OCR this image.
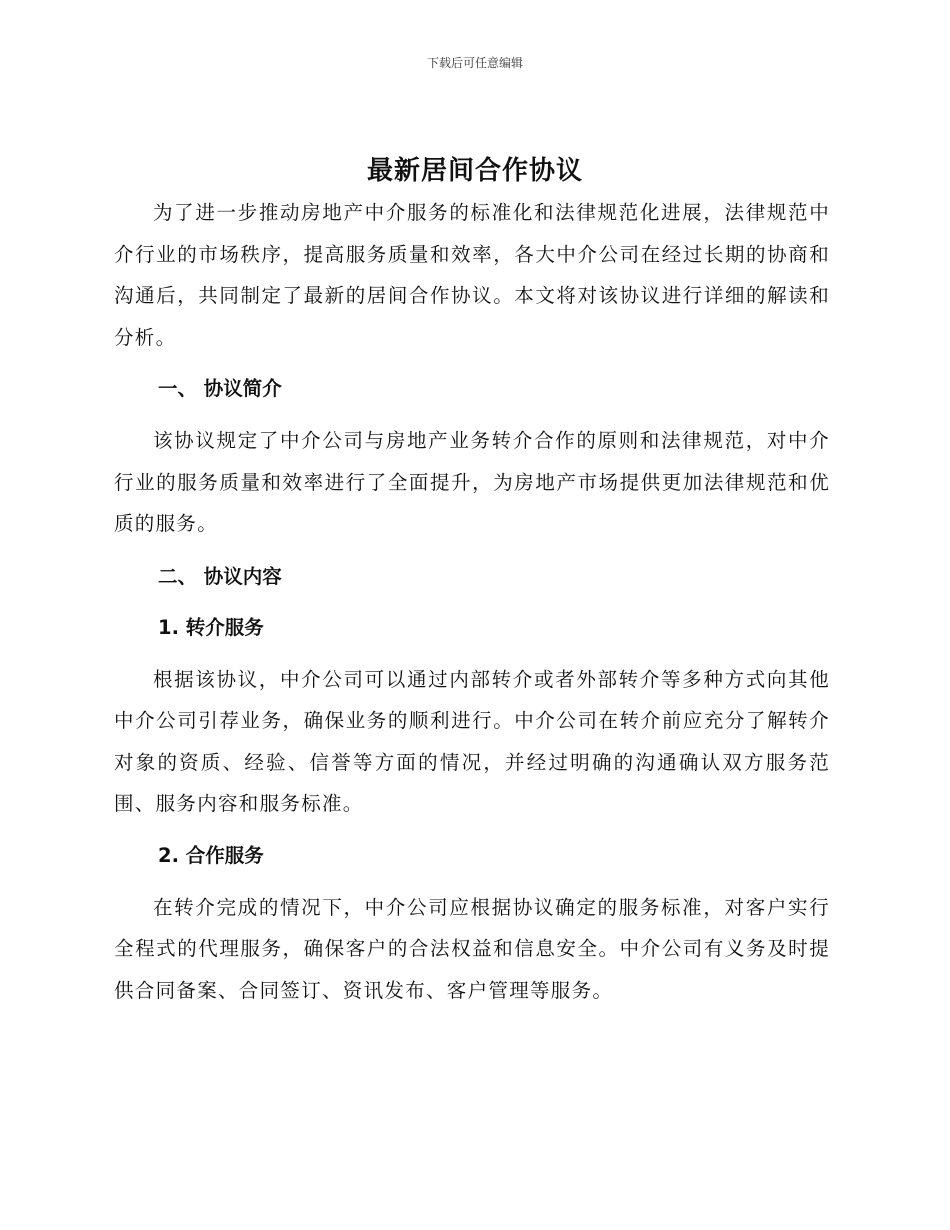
下载后可任意编辑
最新居间合作协议

为了进一步推动房地产中介服务的标准化和法律规范化进展，法律规范中介行业的市场秩序，提高服务质量和效率，各大中介公司在经过长期的协商和沟通后，共同制定了最新的居间合作协议。本文将对该协议进行详细的解读和分析。

一、 协议简介

该协议规定了中介公司与房地产业务转介合作的原则和法律规范，对中介行业的服务质量和效率进行了全面提升，为房地产市场提供更加法律规范和优质的服务。

二、 协议内容
1. 转介服务

根据该协议，中介公司可以通过内部转介或者外部转介等多种方式向其他中介公司引荐业务，确保业务的顺利进行。中介公司在转介前应充分了解转介对象的资质、经验、信誉等方面的情况，并经过明确的沟通确认双方服务范围、服务内容和服务标准。

2. 合作服务

在转介完成的情况下，中介公司应根据协议确定的服务标准，对客户实行全程式的代理服务，确保客户的合法权益和信息安全。中介公司有义务及时提供合同备案、合同签订、资讯发布、客户管理等服务。
